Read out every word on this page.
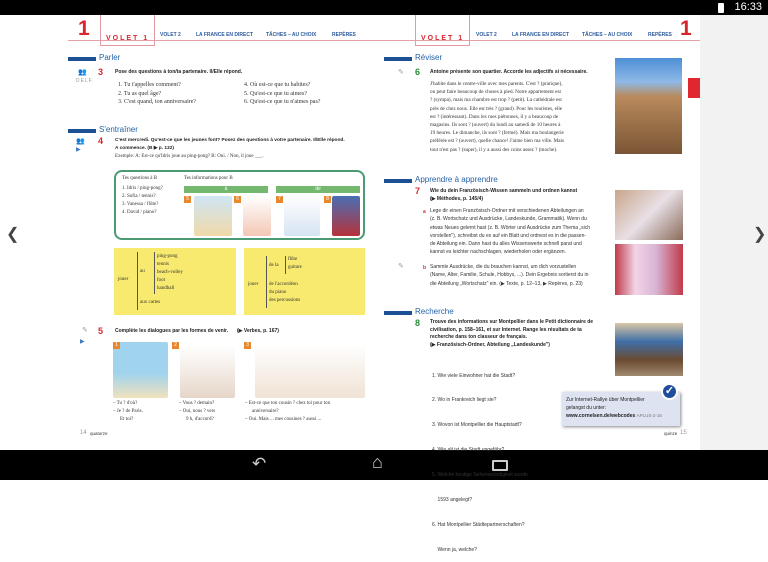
16:33
❮	❯
1	VOLET 1	VOLET 2	LA FRANCE EN DIRECT	TÂCHES – AU CHOIX	REPÈRES	VOLET 1	VOLET 2	LA FRANCE EN DIRECT	TÂCHES – AU CHOIX	REPÈRES 1
Parler
👥
DELF
3 Pose des questions à ton/ta partenaire. Il/Elle répond.
1. Tu t'appelles comment?
2. Tu as quel âge?
3. C'est quand, ton anniversaire?
4. Où est-ce que tu habites?
5. Qu'est-ce que tu aimes?
6. Qu'est-ce que tu n'aimes pas?
S'entraîner
👥
▶
4 C'est mercredi. Qu'est-ce que les jeunes font? Posez des questions à votre partenaire. Il/Elle répond.
A commence. (B ▶ p. 132)
Exemple: A: Est-ce qu'Idris joue au ping-pong? B: Oui. / Non, il joue ___.
Tes questions à B
1. Idris / ping-pong?
2. Sofia / tennis?
3. Vanessa / flûte?
4. David / piano?
Tes informations pour B
à	de
5	6	7	8
jouer
au
ping-pong
tennis
beach-volley
foot
handball
aux cartes
jouer
de la
flûte
guitare
de l'accordéon
du piano
des percussions
✎
▶
5 Complète les dialogues par les formes de venir. (▶ Verbes, p. 167)
1	2	3
– Tu ? d'où?
– Je ? de Paris.
Et toi?
– Vous ? demain?
– Oui, nous ? vers
9 h, d'accord?
– Est-ce que ton cousin ? chez toi pour ton
anniversaire?
– Oui. Mais ... mes cousines ? aussi ...
14 quatorze
Réviser
✎ 6 Antoine présente son quartier. Accorde les adjectifs si nécessaire.
J'habite dans le centre-ville avec mes parents. C'est ? (pratique),
on peut faire beaucoup de choses à pied. Notre appartement est
? (sympa), mais ma chambre est trop ? (petit). La cathédrale est
près de chez nous. Elle est très ? (grand). Pour les touristes, elle
est ? (intéressant). Dans les rues piétonnes, il y a beaucoup de
magasins. Ils sont ? (ouvert) du lundi au samedi de 10 heures à
19 heures. Le dimanche, ils sont ? (fermé). Mais ma boulangerie
préférée est ? (ouvert), quelle chance! J'aime bien ma ville. Mais
tout n'est pas ? (super), il y a aussi des coins assez ? (moche).
Apprendre à apprendre
7 Wie du dein Französisch-Wissen sammeln und ordnen kannst
(▶ Méthodes, p. 145/4)
a Lege dir einen Französisch-Ordner mit verschiedenen Abteilungen an
(z. B. Wortschatz und Ausdrücke, Landeskunde, Grammatik). Wenn du
etwas Neues gelernt hast (z. B. Wörter und Ausdrücke zum Thema „sich
vorstellen"), schreibst du es auf ein Blatt und ordnest es in die passen-
de Abteilung ein. Dann hast du alles Wissenswerte schnell parat und
kannst es leichter nachschlagen, wiederholen oder ergänzen.
✎	b Sammle Ausdrücke, die du brauchen kannst, um dich vorzustellen
(Name, Alter, Familie, Schule, Hobbys, ...). Dein Ergebnis sortierst du in
die Abteilung „Wortschatz" ein. (▶ Texte, p. 12–13, ▶ Repères, p. 23)
Recherche
8 Trouve des informations sur Montpellier dans le Petit dictionnaire de
civilisation, p. 158–161, et sur Internet. Range les résultats de ta
recherche dans ton classeur de français.
(▶ Französisch-Ordner, Abteilung „Landeskunde")
Zur Internet-Rallye über Montpellier
gelangst du unter:
www.cornelsen.de/webcodes APLUS-2-15
✓

1. Wie viele Einwohner hat die Stadt?

2. Wo in Frankreich liegt sie?

3. Wovon ist Montpellier die Hauptstadt?

4. Wie alt ist die Stadt ungefähr?

5. Welche heutige Sehenswürdigkeit wurde

1593 angelegt?

6. Hat Montpellier Städtepartnerschaften?

Wenn ja, welche?

quinze 15
↶	⌂
